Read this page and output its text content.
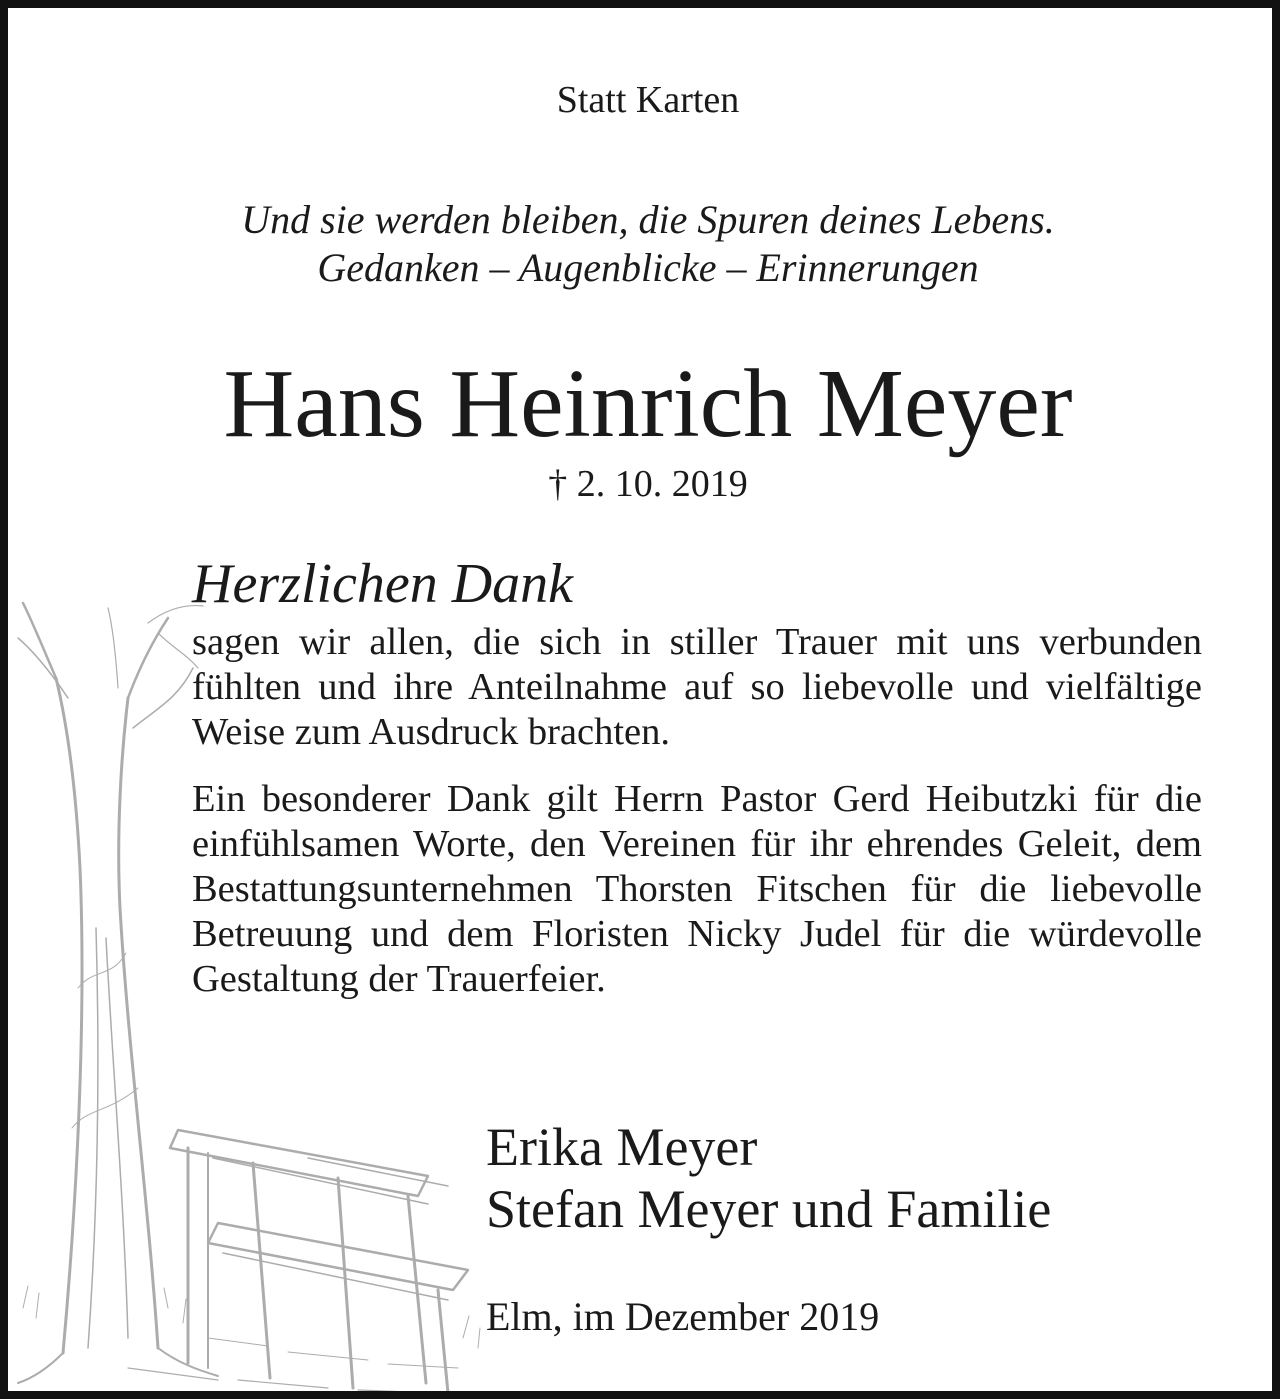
Statt Karten

Und sie werden bleiben, die Spuren deines Lebens.
Gedanken – Augenblicke – Erinnerungen
Hans Heinrich Meyer

† 2. 10. 2019

Herzlichen Dank

sagen wir allen, die sich in stiller Trauer mit uns verbunden fühlten und ihre Anteilnahme auf so liebevolle und vielfältige Weise zum Ausdruck brachten.

Ein besonderer Dank gilt Herrn Pastor Gerd Heibutzki für die einfühlsamen Worte, den Vereinen für ihr ehrendes Geleit, dem Bestattungsunternehmen Thorsten Fitschen für die liebevolle Betreuung und dem Floristen Nicky Judel für die würdevolle Gestaltung der Trauerfeier.

Erika Meyer
Stefan Meyer und Familie

Elm, im Dezember 2019
